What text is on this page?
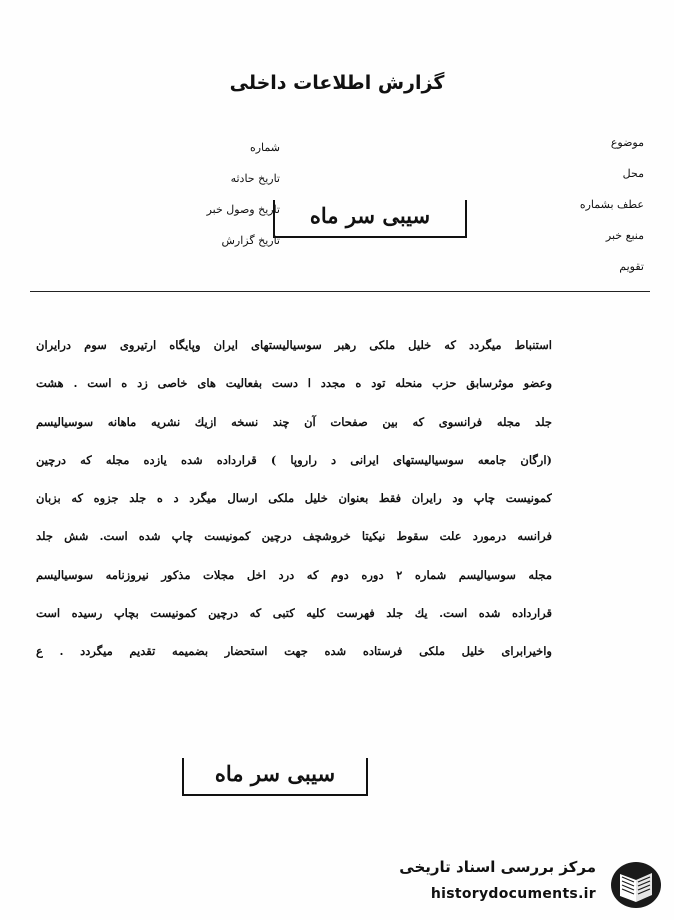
گزارش اطلاعات داخلی
موضوع
محل
عطف بشماره
منبع خبر
تقویم
شماره
تاریخ حادثه
تاریخ وصول خبر
تاریخ گزارش
سیبی سر ماه
استنباط میگردد که خلیل ملکی رهبر سوسیالیستهای ایران وپایگاه ارتیروی سوم درایران
وعضو موثرسابق حزب منحله تود ه مجدد ا دست بفعالیت های خاصی زد ه است . هشت
جلد مجله فرانسوی که بین صفحات آن چند نسخه ازیك نشریه ماهانه سوسیالیسم
(ارگان جامعه سوسیالیستهای ایرانی د راروپا ) قرارداده شده یازده مجله که درچین
کمونیست چاپ ود رایران فقط بعنوان خلیل ملکی ارسال میگرد د ه جلد جزوه که بزبان
فرانسه درمورد علت سقوط نیکیتا خروشچف درچین کمونیست چاپ شده است. شش جلد
مجله سوسیالیسم شماره ۲ دوره دوم که درد اخل مجلات مذکور نیروزنامه سوسیالیسم
قرارداده شده است. یك جلد فهرست کلیه کتبی که درچین کمونیست بچاپ رسیده است
واخیرابرای خلیل ملکی فرستاده شده جهت استحضار بضمیمه تقدیم میگردد . ع
سیبی سر ماه
مرکز بررسی اسناد تاریخی
historydocuments.ir
